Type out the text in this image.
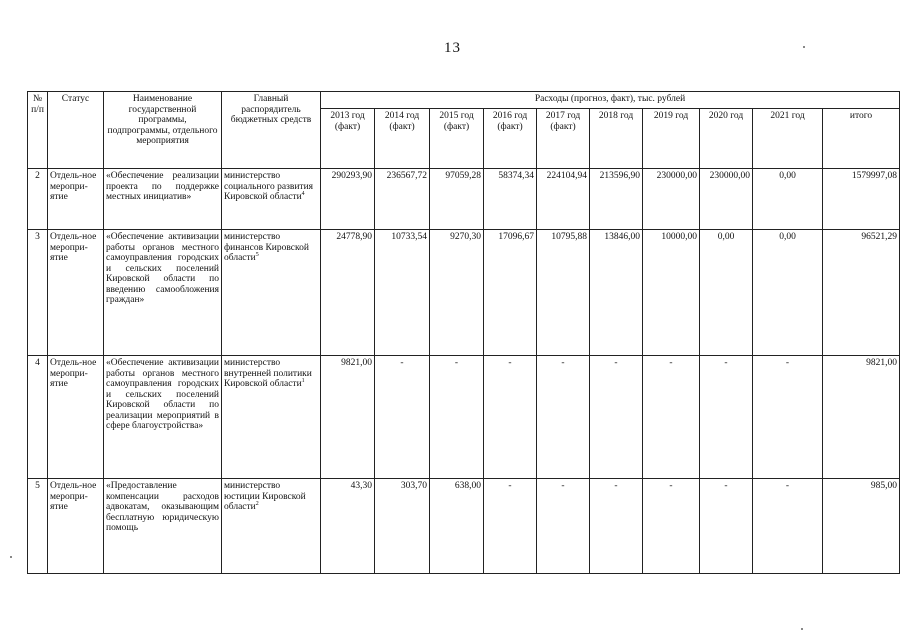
13
№ п/п	Статус	Наименование государственной программы, подпрограммы, отдельного мероприятия	Главный распорядитель бюджетных средств	Расходы (прогноз, факт), тыс. рублей									
				2013 год (факт)	2014 год (факт)	2015 год (факт)	2016 год (факт)	2017 год (факт)	2018 год	2019 год	2020 год	2021 год	итого
2	Отдель-ное меропри-ятие	«Обеспечение реализации проекта по поддержке местных инициатив»	министерство социального развития Кировской области$^4$	290293,90	236567,72	97059,28	58374,34	224104,94	213596,90	230000,00	230000,00	0,00	1579997,08
3	Отдель-ное меропри-ятие	«Обеспечение активизации работы органов местного самоуправления городских и сельских поселений Кировской области по введению самообложения граждан»	министерство финансов Кировской области$^5$	24778,90	10733,54	9270,30	17096,67	10795,88	13846,00	10000,00	0,00	0,00	96521,29
4	Отдель-ное меропри-ятие	«Обеспечение активизации работы органов местного самоуправления городских и сельских поселений Кировской области по реализации мероприятий в сфере благоустройства»	министерство внутренней политики Кировской области$^1$	9821,00	-	-	-	-	-	-	-	-	9821,00
5	Отдель-ное меропри-ятие	«Предоставление компенсации расходов адвокатам, оказывающим бесплатную юридическую помощь	министерство юстиции Кировской области$^2$	43,30	303,70	638,00	-	-	-	-	-	-	985,00
